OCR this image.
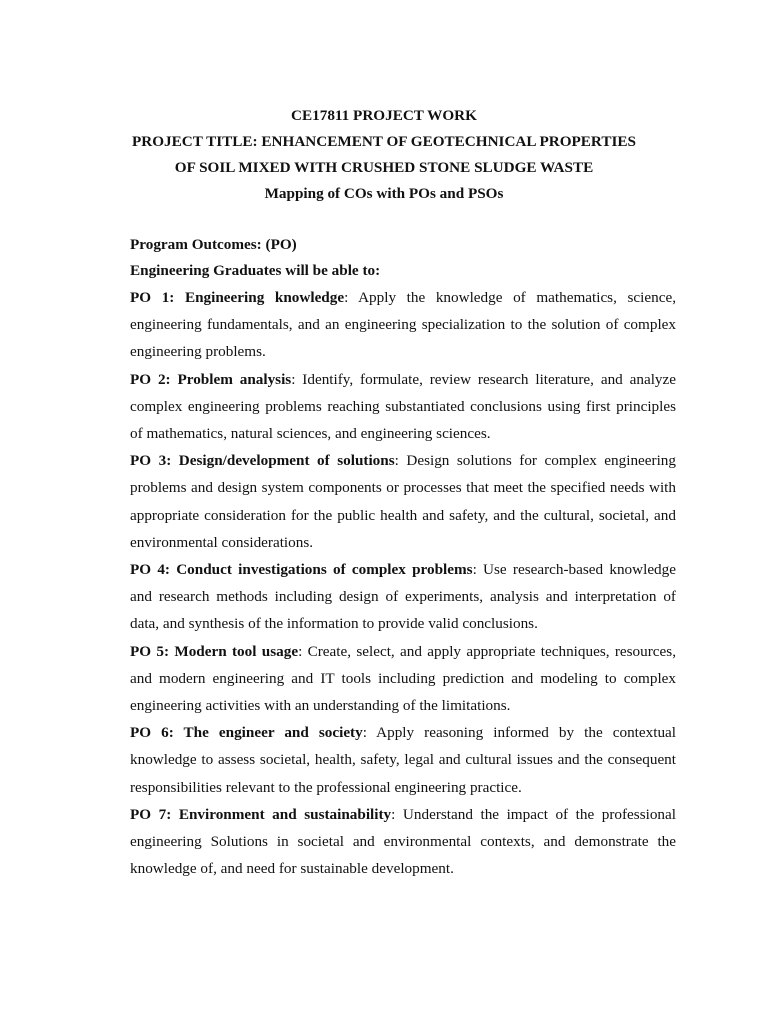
CE17811 PROJECT WORK
PROJECT TITLE: ENHANCEMENT OF GEOTECHNICAL PROPERTIES
OF SOIL MIXED WITH CRUSHED STONE SLUDGE WASTE
Mapping of COs with POs and PSOs
Program Outcomes: (PO)
Engineering Graduates will be able to:

PO 1: Engineering knowledge: Apply the knowledge of mathematics, science, engineering fundamentals, and an engineering specialization to the solution of complex engineering problems.

PO 2: Problem analysis: Identify, formulate, review research literature, and analyze complex engineering problems reaching substantiated conclusions using first principles of mathematics, natural sciences, and engineering sciences.

PO 3: Design/development of solutions: Design solutions for complex engineering problems and design system components or processes that meet the specified needs with appropriate consideration for the public health and safety, and the cultural, societal, and environmental considerations.

PO 4: Conduct investigations of complex problems: Use research-based knowledge and research methods including design of experiments, analysis and interpretation of data, and synthesis of the information to provide valid conclusions.

PO 5: Modern tool usage: Create, select, and apply appropriate techniques, resources, and modern engineering and IT tools including prediction and modeling to complex engineering activities with an understanding of the limitations.

PO 6: The engineer and society: Apply reasoning informed by the contextual knowledge to assess societal, health, safety, legal and cultural issues and the consequent responsibilities relevant to the professional engineering practice.

PO 7: Environment and sustainability: Understand the impact of the professional engineering Solutions in societal and environmental contexts, and demonstrate the knowledge of, and need for sustainable development.
